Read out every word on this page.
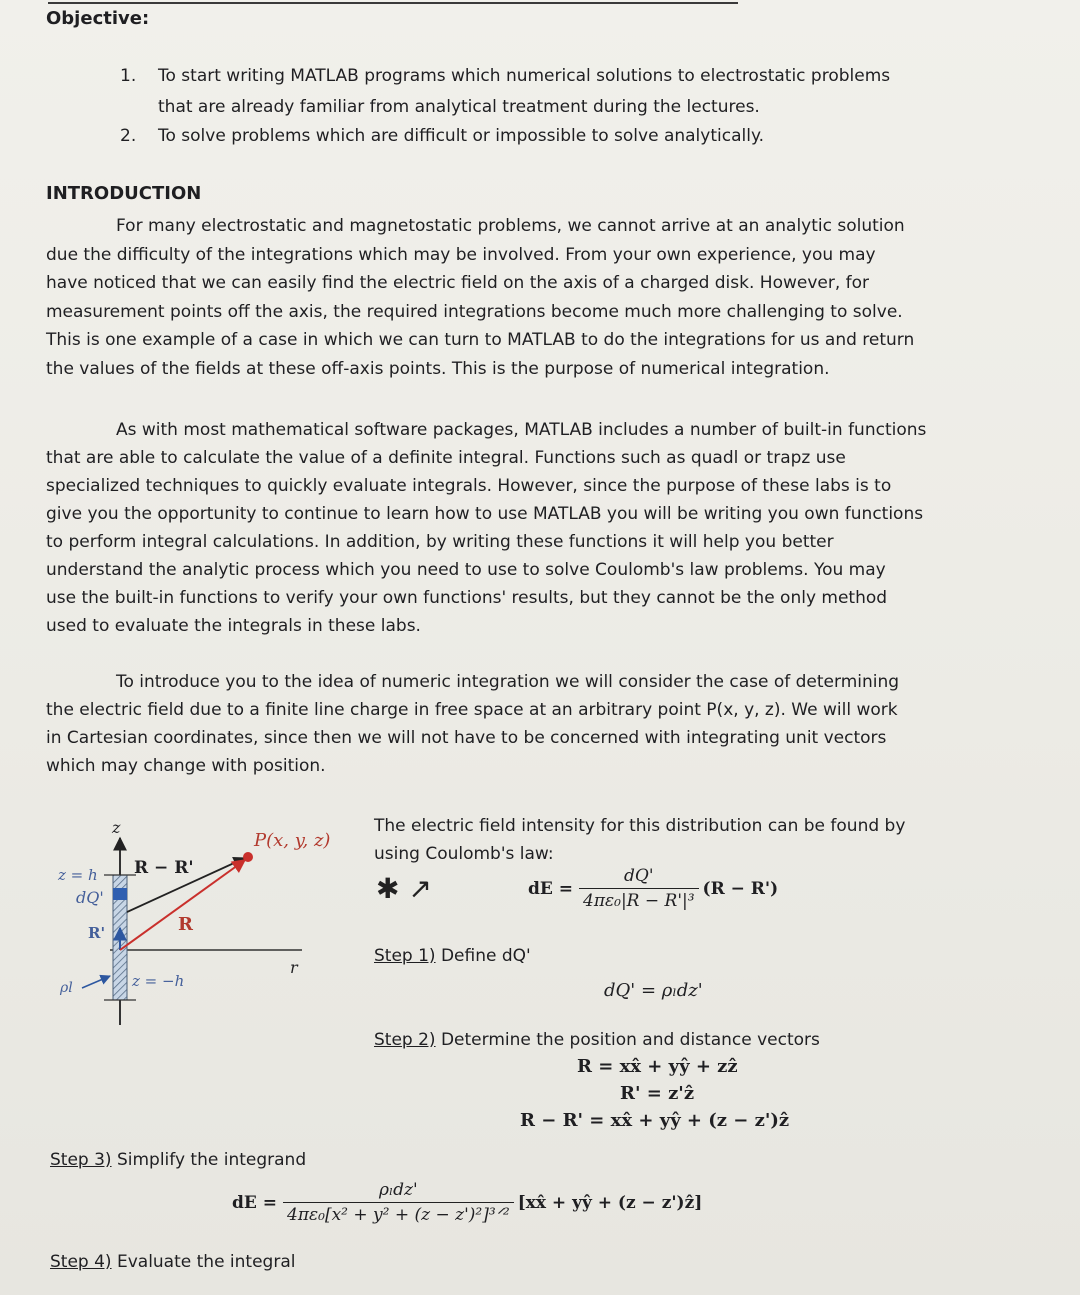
Objective:
1. To start writing MATLAB programs which numerical solutions to electrostatic problems
that are already familiar from analytical treatment during the lectures.
2. To solve problems which are difficult or impossible to solve analytically.
INTRODUCTION
For many electrostatic and magnetostatic problems, we cannot arrive at an analytic solution
due the difficulty of the integrations which may be involved. From your own experience, you may
have noticed that we can easily find the electric field on the axis of a charged disk. However, for
measurement points off the axis, the required integrations become much more challenging to solve.
This is one example of a case in which we can turn to MATLAB to do the integrations for us and return
the values of the fields at these off-axis points. This is the purpose of numerical integration.
As with most mathematical software packages, MATLAB includes a number of built-in functions
that are able to calculate the value of a definite integral. Functions such as quadl or trapz use
specialized techniques to quickly evaluate integrals. However, since the purpose of these labs is to
give you the opportunity to continue to learn how to use MATLAB you will be writing you own functions
to perform integral calculations. In addition, by writing these functions it will help you better
understand the analytic process which you need to use to solve Coulomb's law problems. You may
use the built-in functions to verify your own functions' results, but they cannot be the only method
used to evaluate the integrals in these labs.
To introduce you to the idea of numeric integration we will consider the case of determining
the electric field due to a finite line charge in free space at an arbitrary point P(x, y, z). We will work
in Cartesian coordinates, since then we will not have to be concerned with integrating unit vectors
which may change with position.
z
P(x, y, z)
z = h R − R'
dQ'
R'	R
r
ρl	z = −h
The electric field intensity for this distribution can be found by
using Coulomb's law:
✱ ↗	dE = $\frac{dQ'}{\text{4πε₀|R − R'|³}} (R - R')$
Step 1) Define dQ'
dQ' = ρₗdz'
Step 2) Determine the position and distance vectors
R = xx̂ + yŷ + zẑ
R' = z'ẑ
R − R' = xx̂ + yŷ + (z − z')ẑ
Step 3) Simplify the integrand
dE = $\frac{\text{ρₗdz'}}{\text{4πε₀[x² + y² + (z − z')²]³ᐟ²}}$ [xx̂ + yŷ + (z − z')ẑ]
Step 4) Evaluate the integral
